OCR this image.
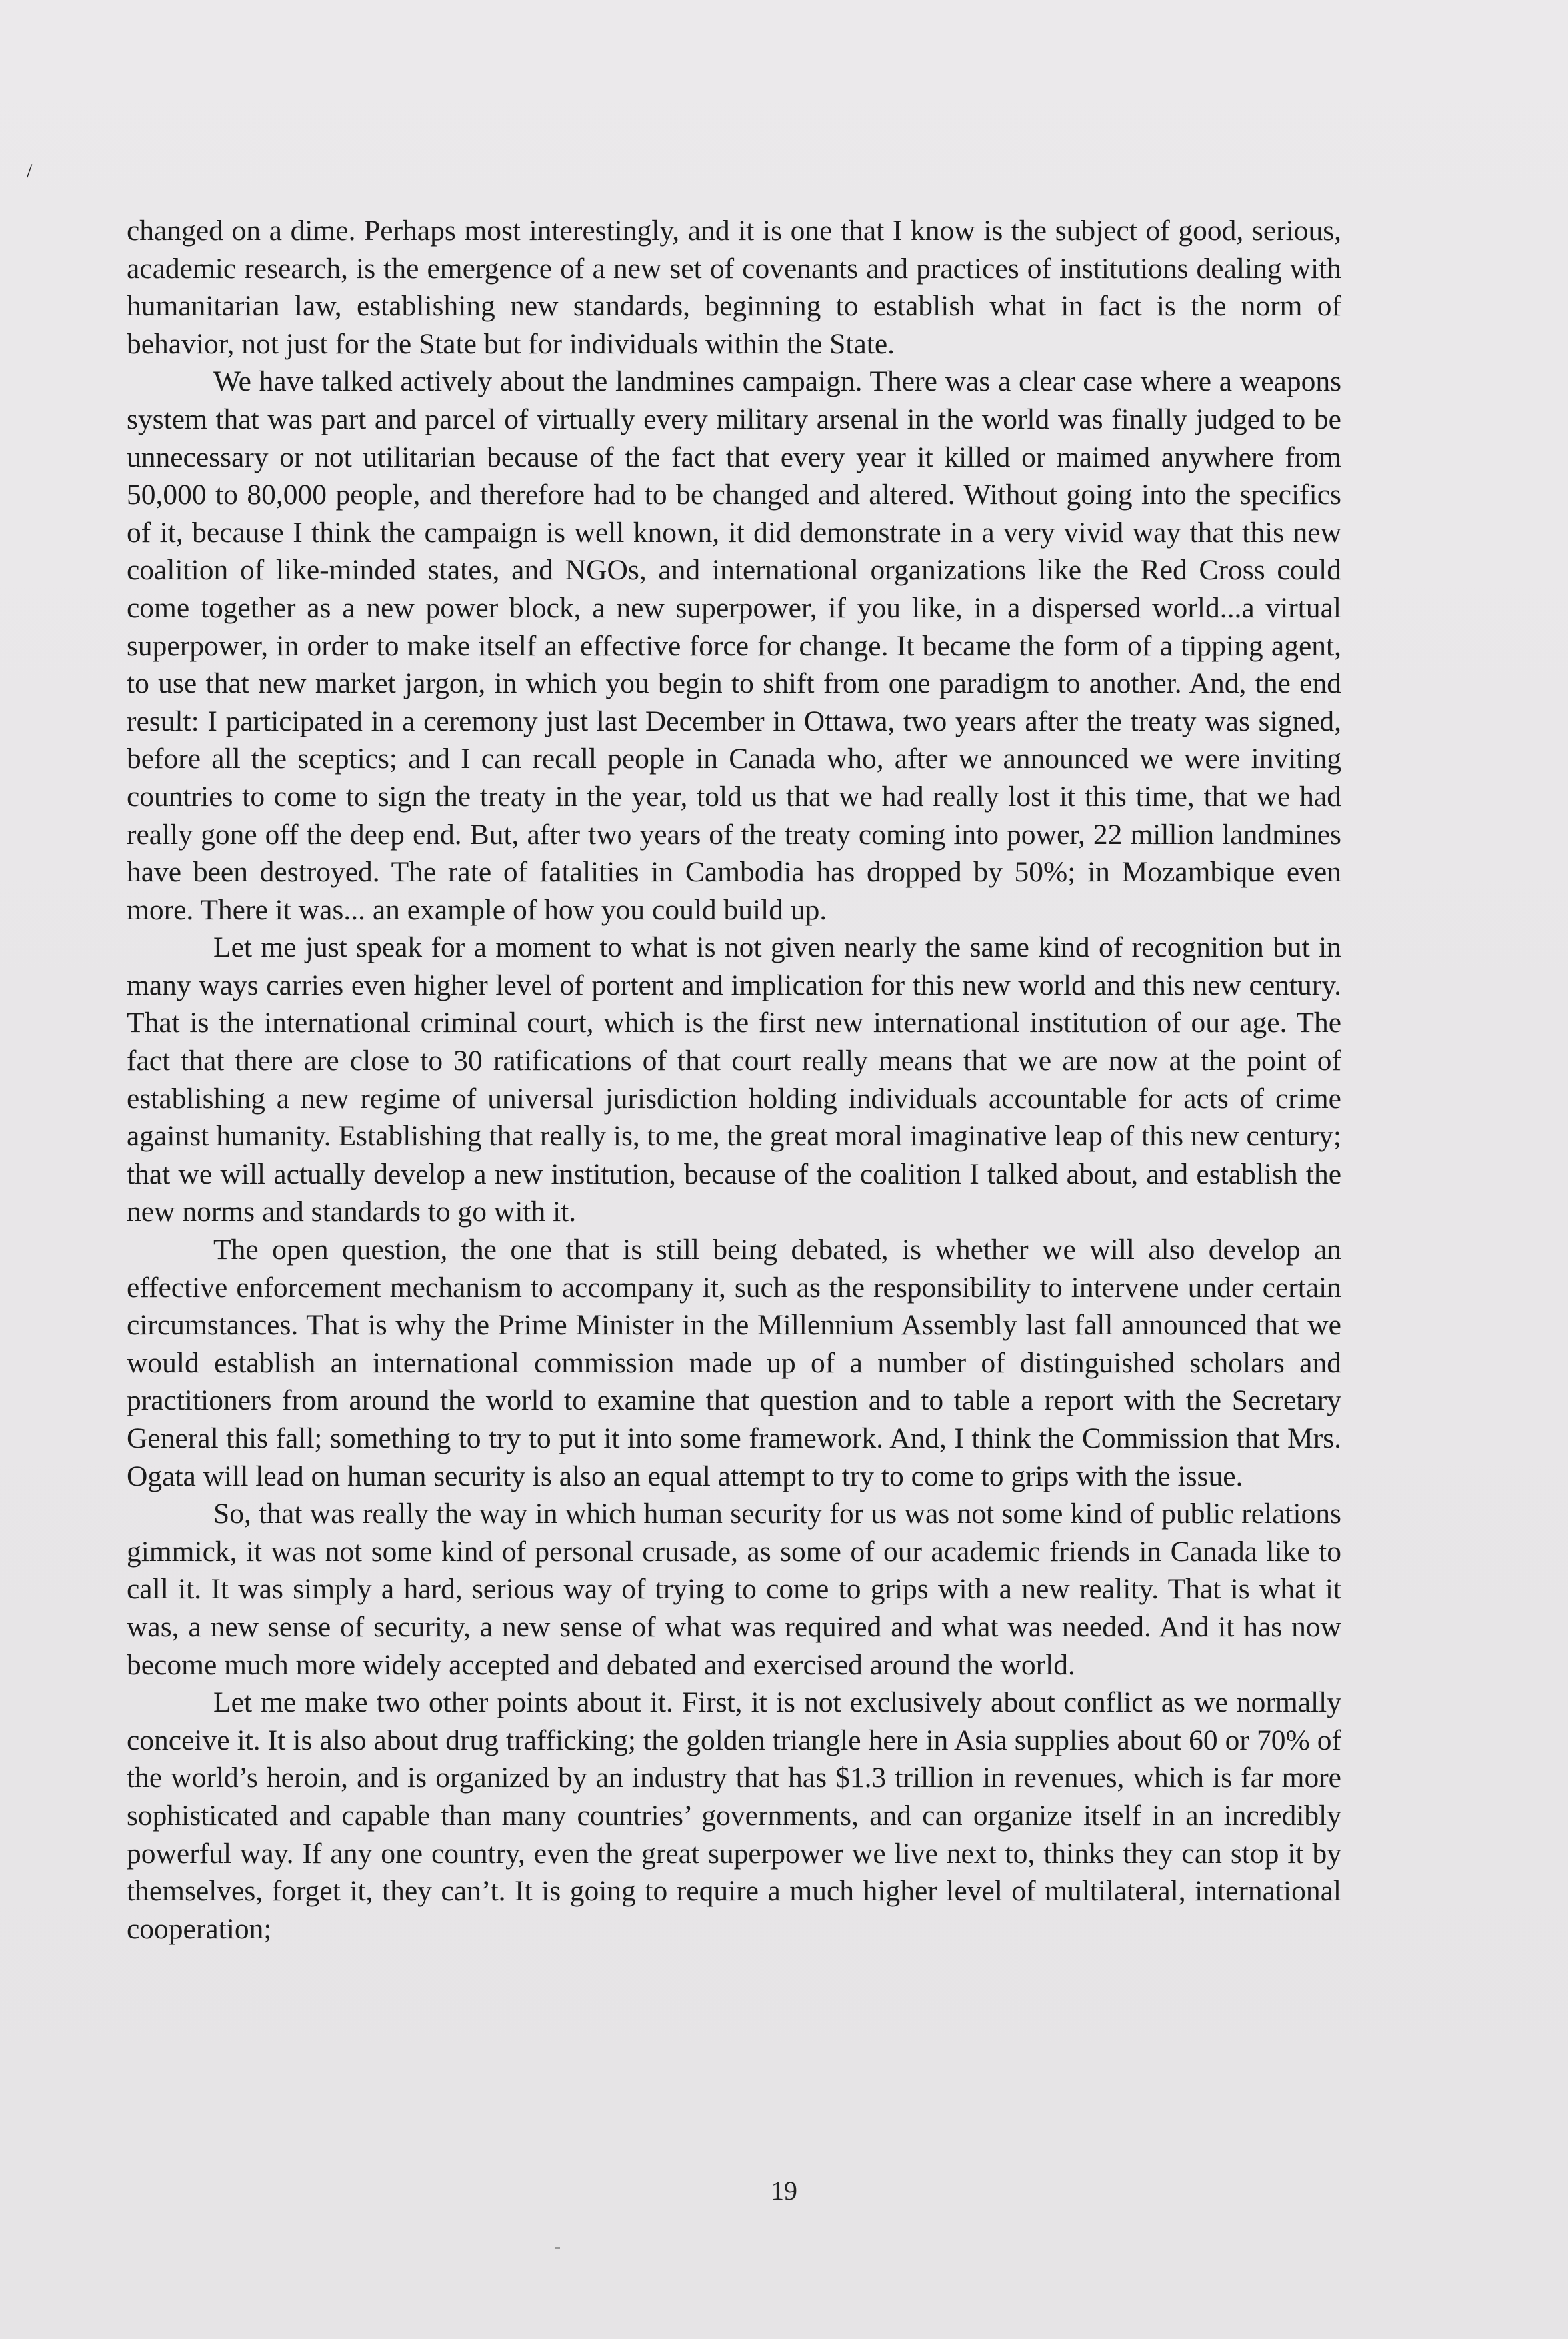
/

changed on a dime. Perhaps most interestingly, and it is one that I know is the subject of good, serious, academic research, is the emergence of a new set of covenants and practices of institutions dealing with humanitarian law, establishing new standards, beginning to establish what in fact is the norm of behavior, not just for the State but for individuals within the State.

We have talked actively about the landmines campaign. There was a clear case where a weapons system that was part and parcel of virtually every military arsenal in the world was finally judged to be unnecessary or not utilitarian because of the fact that every year it killed or maimed anywhere from 50,000 to 80,000 people, and therefore had to be changed and altered. Without going into the specifics of it, because I think the campaign is well known, it did demonstrate in a very vivid way that this new coalition of like-minded states, and NGOs, and international organizations like the Red Cross could come together as a new power block, a new superpower, if you like, in a dispersed world...a virtual superpower, in order to make itself an effective force for change. It became the form of a tipping agent, to use that new market jargon, in which you begin to shift from one paradigm to another. And, the end result: I participated in a ceremony just last December in Ottawa, two years after the treaty was signed, before all the sceptics; and I can recall people in Canada who, after we announced we were inviting countries to come to sign the treaty in the year, told us that we had really lost it this time, that we had really gone off the deep end. But, after two years of the treaty coming into power, 22 million landmines have been destroyed. The rate of fatalities in Cambodia has dropped by 50%; in Mozambique even more. There it was... an example of how you could build up.

Let me just speak for a moment to what is not given nearly the same kind of recognition but in many ways carries even higher level of portent and implication for this new world and this new century. That is the international criminal court, which is the first new international institution of our age. The fact that there are close to 30 ratifications of that court really means that we are now at the point of establishing a new regime of universal jurisdiction holding individuals accountable for acts of crime against humanity. Establishing that really is, to me, the great moral imaginative leap of this new century; that we will actually develop a new institution, because of the coalition I talked about, and establish the new norms and standards to go with it.

The open question, the one that is still being debated, is whether we will also develop an effective enforcement mechanism to accompany it, such as the responsibility to intervene under certain circumstances. That is why the Prime Minister in the Millennium Assembly last fall announced that we would establish an international commission made up of a number of distinguished scholars and practitioners from around the world to examine that question and to table a report with the Secretary General this fall; something to try to put it into some framework. And, I think the Commission that Mrs. Ogata will lead on human security is also an equal attempt to try to come to grips with the issue.

So, that was really the way in which human security for us was not some kind of public relations gimmick, it was not some kind of personal crusade, as some of our academic friends in Canada like to call it. It was simply a hard, serious way of trying to come to grips with a new reality. That is what it was, a new sense of security, a new sense of what was required and what was needed. And it has now become much more widely accepted and debated and exercised around the world.

Let me make two other points about it. First, it is not exclusively about conflict as we normally conceive it. It is also about drug trafficking; the golden triangle here in Asia supplies about 60 or 70% of the world’s heroin, and is organized by an industry that has $1.3 trillion in revenues, which is far more sophisticated and capable than many countries’ governments, and can organize itself in an incredibly powerful way. If any one country, even the great superpower we live next to, thinks they can stop it by themselves, forget it, they can’t. It is going to require a much higher level of multilateral, international cooperation;

19
